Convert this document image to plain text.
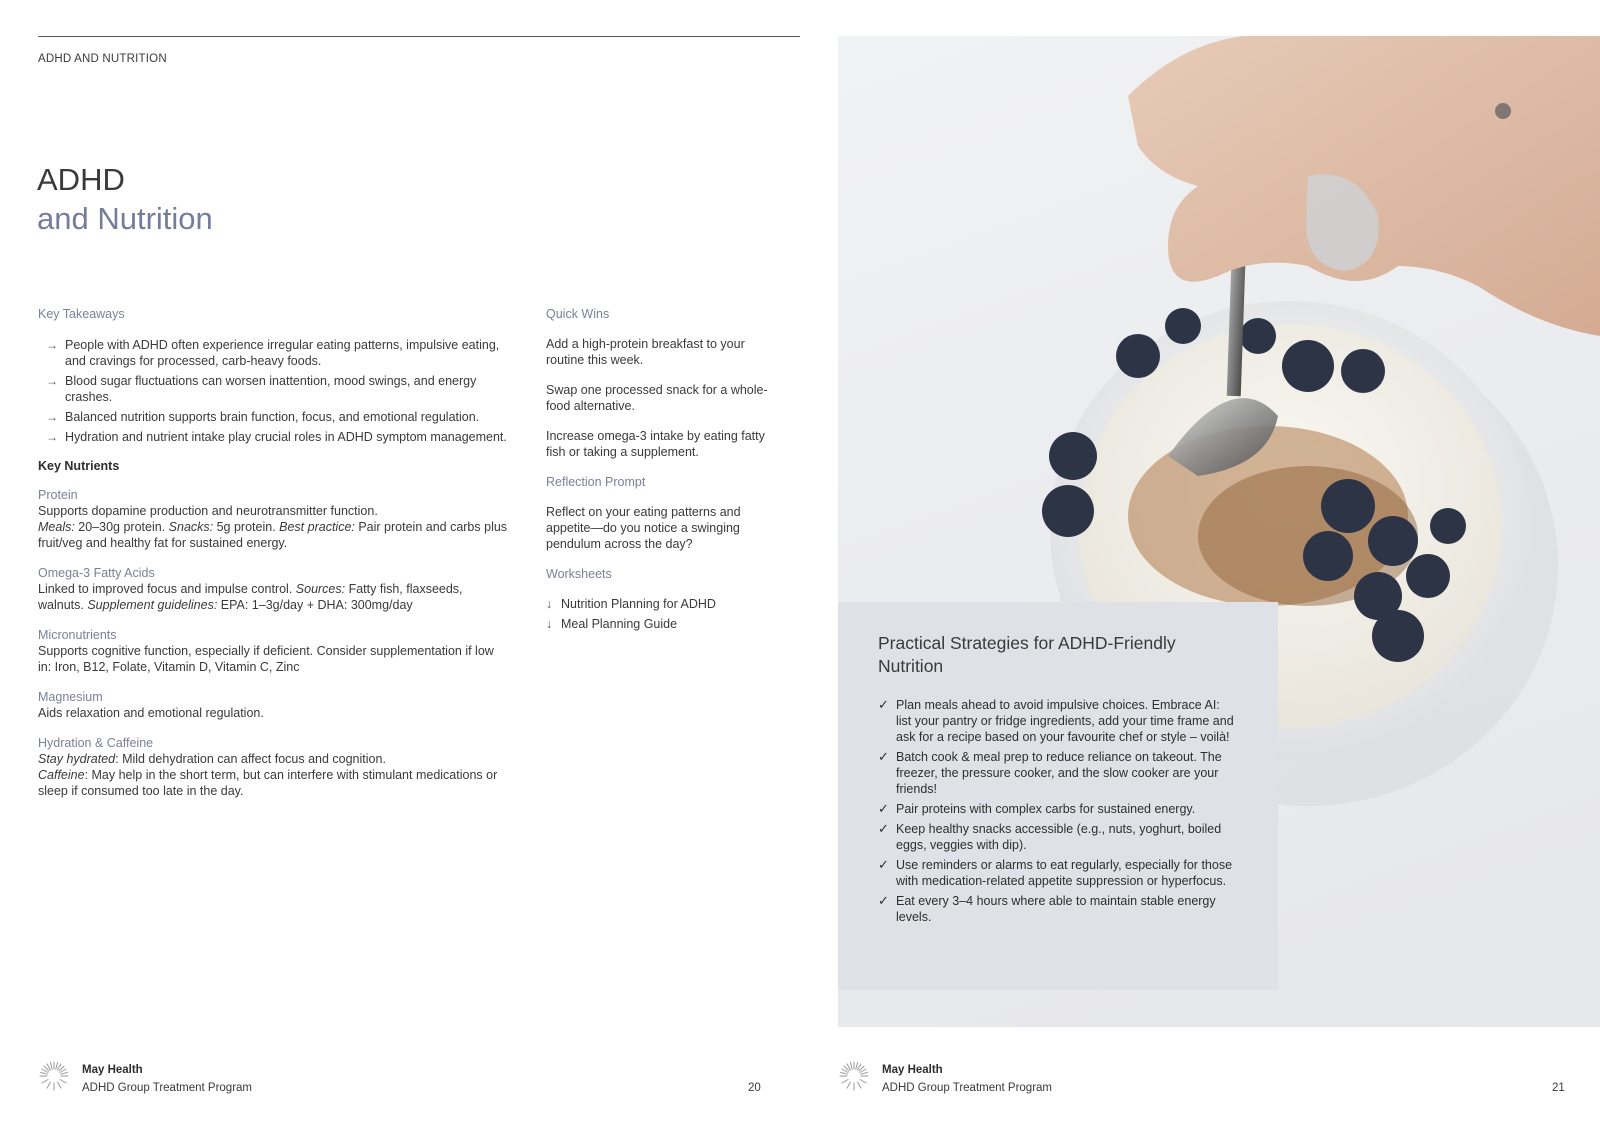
ADHD AND NUTRITION
ADHD
and Nutrition
Key Takeaways
→ People with ADHD often experience irregular eating patterns, impulsive eating, and cravings for processed, carb-heavy foods.
→ Blood sugar fluctuations can worsen inattention, mood swings, and energy crashes.
→ Balanced nutrition supports brain function, focus, and emotional regulation.
→ Hydration and nutrient intake play crucial roles in ADHD symptom management.
Key Nutrients
Protein
Supports dopamine production and neurotransmitter function.
Meals: 20–30g protein. Snacks: 5g protein. Best practice: Pair protein and carbs plus fruit/veg and healthy fat for sustained energy.
Omega-3 Fatty Acids
Linked to improved focus and impulse control. Sources: Fatty fish, flaxseeds, walnuts. Supplement guidelines: EPA: 1–3g/day + DHA: 300mg/day
Micronutrients
Supports cognitive function, especially if deficient. Consider supplementation if low in: Iron, B12, Folate, Vitamin D, Vitamin C, Zinc
Magnesium
Aids relaxation and emotional regulation.
Hydration & Caffeine
Stay hydrated: Mild dehydration can affect focus and cognition.
Caffeine: May help in the short term, but can interfere with stimulant medications or sleep if consumed too late in the day.
Quick Wins
Add a high-protein breakfast to your routine this week.
Swap one processed snack for a whole-food alternative.
Increase omega-3 intake by eating fatty fish or taking a supplement.
Reflection Prompt
Reflect on your eating patterns and appetite—do you notice a swinging pendulum across the day?
Worksheets
↓ Nutrition Planning for ADHD
↓ Meal Planning Guide
May Health
ADHD Group Treatment Program	20
Practical Strategies for ADHD-Friendly Nutrition
✓ Plan meals ahead to avoid impulsive choices. Embrace AI: list your pantry or fridge ingredients, add your time frame and ask for a recipe based on your favourite chef or style – voilà!
✓ Batch cook & meal prep to reduce reliance on takeout. The freezer, the pressure cooker, and the slow cooker are your friends!
✓ Pair proteins with complex carbs for sustained energy.
✓ Keep healthy snacks accessible (e.g., nuts, yoghurt, boiled eggs, veggies with dip).
✓ Use reminders or alarms to eat regularly, especially for those with medication-related appetite suppression or hyperfocus.
✓ Eat every 3–4 hours where able to maintain stable energy levels.
May Health
ADHD Group Treatment Program	21
